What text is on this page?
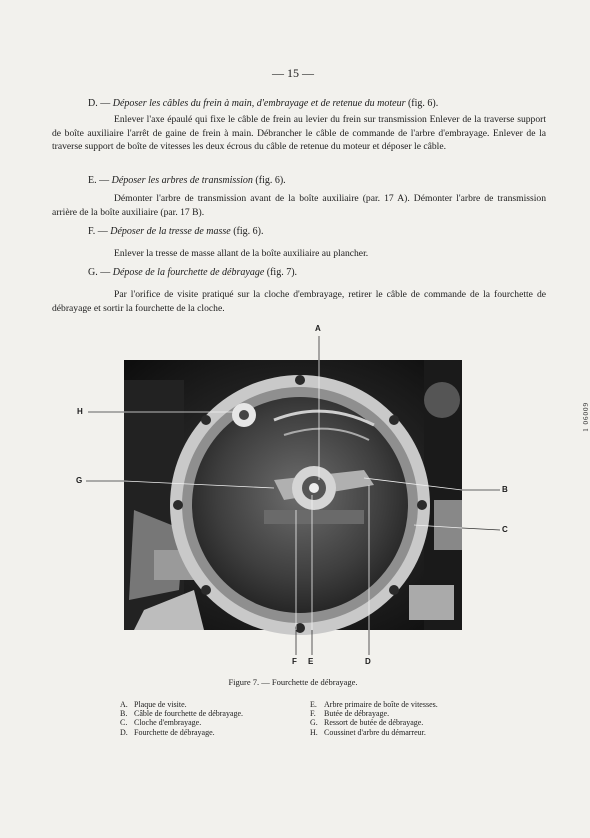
— 15 —
D. — Déposer les câbles du frein à main, d'embrayage et de retenue du moteur (fig. 6).
Enlever l'axe épaulé qui fixe le câble de frein au levier du frein sur transmission Enlever de la traverse support de boîte auxiliaire l'arrêt de gaine de frein à main. Débrancher le câble de commande de l'arbre d'embrayage. Enlever de la traverse support de boîte de vitesses les deux écrous du câble de retenue du moteur et déposer le câble.
E. — Déposer les arbres de transmission (fig. 6).
Démonter l'arbre de transmission avant de la boîte auxiliaire (par. 17 A). Démonter l'arbre de transmission arrière de la boîte auxiliaire (par. 17 B).
F. — Déposer de la tresse de masse (fig. 6).
Enlever la tresse de masse allant de la boîte auxiliaire au plancher.
G. — Dépose de la fourchette de débrayage (fig. 7).
Par l'orifice de visite pratiqué sur la cloche d'embrayage, retirer le câble de commande de la fourchette de débrayage et sortir la fourchette de la cloche.
A
H
G
B
C
F E	D
Figure 7. — Fourchette de débrayage.
A. Plaque de visite.
B. Câble de fourchette de débrayage.
C. Cloche d'embrayage.
D. Fourchette de débrayage.
E. Arbre primaire de boîte de vitesses.
F.	Butée de débrayage.
G. Ressort de butée de débrayage.
H. Coussinet d'arbre du démarreur.
1 06009
